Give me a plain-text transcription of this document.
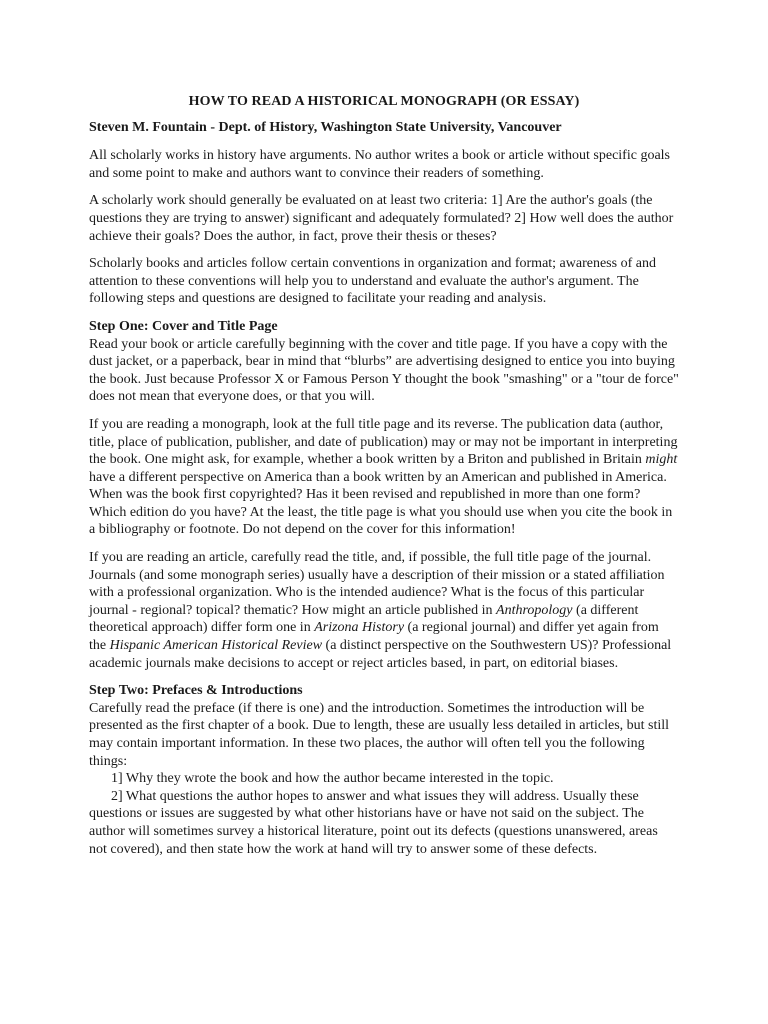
HOW TO READ A HISTORICAL MONOGRAPH (OR ESSAY)
Steven M. Fountain - Dept. of History, Washington State University, Vancouver

All scholarly works in history have arguments. No author writes a book or article without specific goals and some point to make and authors want to convince their readers of something.

A scholarly work should generally be evaluated on at least two criteria: 1] Are the author's goals (the questions they are trying to answer) significant and adequately formulated? 2] How well does the author achieve their goals? Does the author, in fact, prove their thesis or theses?

Scholarly books and articles follow certain conventions in organization and format; awareness of and attention to these conventions will help you to understand and evaluate the author's argument. The following steps and questions are designed to facilitate your reading and analysis.

Step One: Cover and Title Page

Read your book or article carefully beginning with the cover and title page. If you have a copy with the dust jacket, or a paperback, bear in mind that “blurbs” are advertising designed to entice you into buying the book. Just because Professor X or Famous Person Y thought the book "smashing" or a "tour de force" does not mean that everyone does, or that you will.

If you are reading a monograph, look at the full title page and its reverse. The publication data (author, title, place of publication, publisher, and date of publication) may or may not be important in interpreting the book. One might ask, for example, whether a book written by a Briton and published in Britain might have a different perspective on America than a book written by an American and published in America. When was the book first copyrighted? Has it been revised and republished in more than one form? Which edition do you have? At the least, the title page is what you should use when you cite the book in a bibliography or footnote. Do not depend on the cover for this information!

If you are reading an article, carefully read the title, and, if possible, the full title page of the journal. Journals (and some monograph series) usually have a description of their mission or a stated affiliation with a professional organization. Who is the intended audience? What is the focus of this particular journal - regional? topical? thematic? How might an article published in Anthropology (a different theoretical approach) differ form one in Arizona History (a regional journal) and differ yet again from the Hispanic American Historical Review (a distinct perspective on the Southwestern US)? Professional academic journals make decisions to accept or reject articles based, in part, on editorial biases.

Step Two: Prefaces & Introductions

Carefully read the preface (if there is one) and the introduction. Sometimes the introduction will be presented as the first chapter of a book. Due to length, these are usually less detailed in articles, but still may contain important information. In these two places, the author will often tell you the following things:

1] Why they wrote the book and how the author became interested in the topic.

2] What questions the author hopes to answer and what issues they will address. Usually these questions or issues are suggested by what other historians have or have not said on the subject. The author will sometimes survey a historical literature, point out its defects (questions unanswered, areas not covered), and then state how the work at hand will try to answer some of these defects.
